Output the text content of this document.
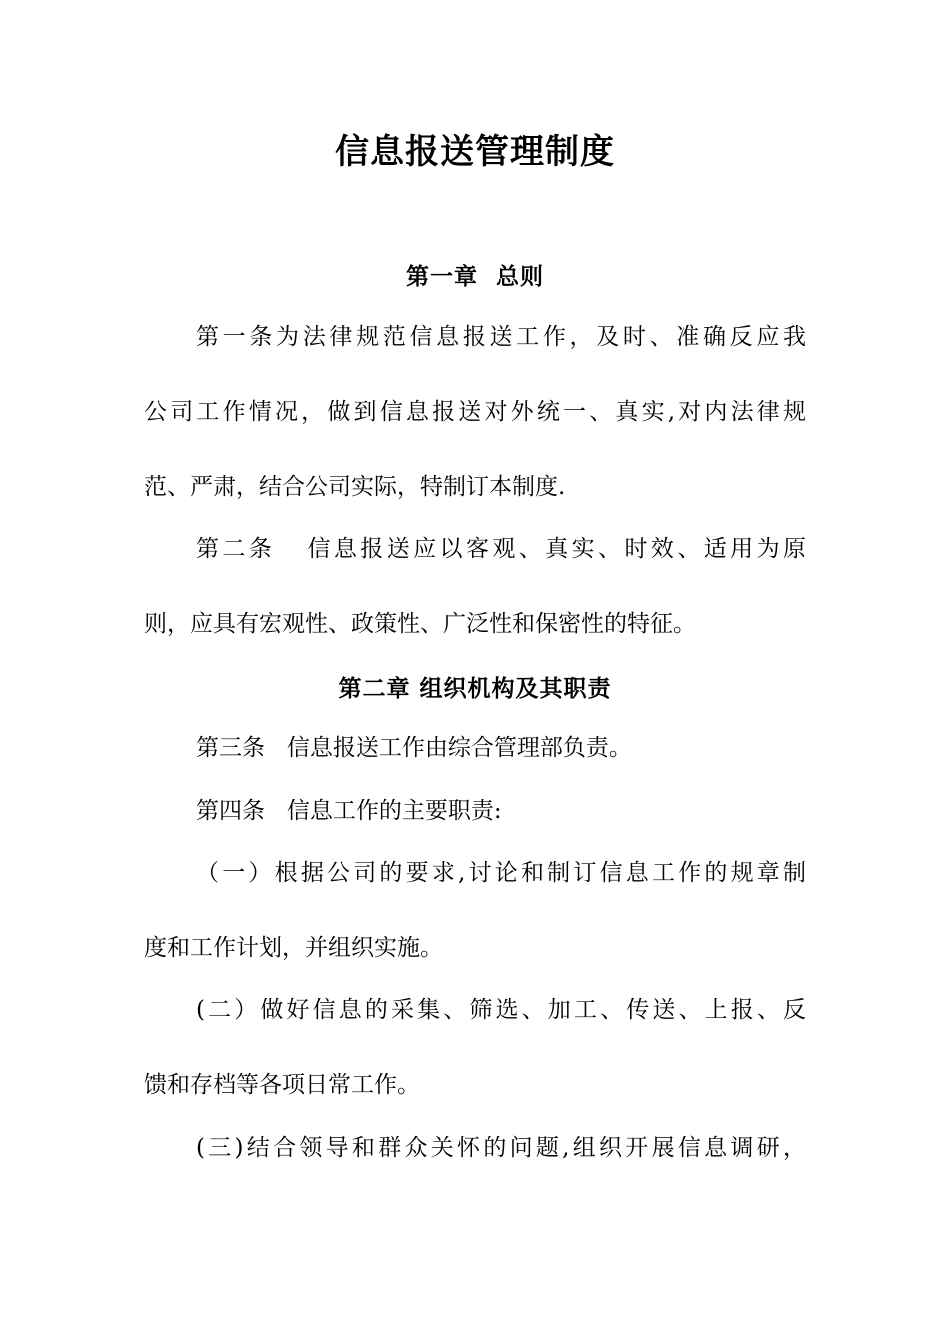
信息报送管理制度
第一章  总则

第一条为法律规范信息报送工作，及时、准确反应我

公司工作情况，做到信息报送对外统一、真实,对内法律规

范、严肃，结合公司实际，特制订本制度.

第二条   信息报送应以客观、真实、时效、适用为原

则，应具有宏观性、政策性、广泛性和保密性的特征。

第二章 组织机构及其职责

第三条   信息报送工作由综合管理部负责。

第四条   信息工作的主要职责:

（一）根据公司的要求,讨论和制订信息工作的规章制

度和工作计划，并组织实施。

(二）做好信息的采集、筛选、加工、传送、上报、反

馈和存档等各项日常工作。

(三)结合领导和群众关怀的问题,组织开展信息调研，
